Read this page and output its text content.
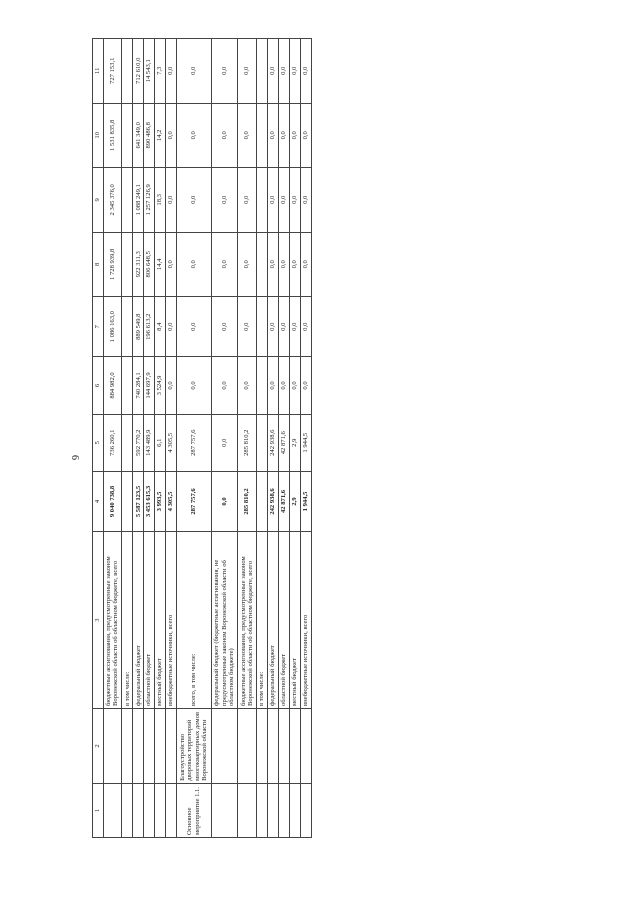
6
1	2	3	4	5	6	7	8	9	10	11
		бюджетные ассигнования, предусмотренные законом Воронежской области об областном бюджете, всего	9 040 738,8	736 260,1	884 982,0	1 086 163,0	1 728 939,8	2 345 376,0	1 531 835,8	727 153,1
		в том числе:								
		федеральный бюджет	5 587 123,5	592 770,2	740 284,1	889 549,8	922 311,3	1 088 249,1	641 349,0	712 610,0
		областной бюджет	3 453 615,3	143 489,9	144 697,9	196 613,2	806 648,5	1 257 126,9	890 486,8	14 543,1
		местный бюджет	3 993,5	6,1	3 524,9	8,4	14,4	18,3	14,2	7,3
		внебюджетные источники, всего	4 305,5	4 305,5	0,0	0,0	0,0	0,0	0,0	0,0
Основное мероприятие 1.1.	Благоустройство дворовых территорий многоквартирных домов Воронежской области	всего, в том числе:	287 757,6	287 757,6	0,0	0,0	0,0	0,0	0,0	0,0
		федеральный бюджет (бюджетные ассигнования, не предусмотренные законом Воронежской области об областном бюджете)	0,0	0,0	0,0	0,0	0,0	0,0	0,0	0,0
		бюджетные ассигнования, предусмотренные законом Воронежской области об областном бюджете, всего	285 810,2	285 810,2	0,0	0,0	0,0	0,0	0,0	0,0
		в том числе:								
		федеральный бюджет	242 938,6	242 938,6	0,0	0,0	0,0	0,0	0,0	0,0
		областной бюджет	42 871,6	42 871,6	0,0	0,0	0,0	0,0	0,0	0,0
		местный бюджет	2,9	2,9	0,0	0,0	0,0	0,0	0,0	0,0
		внебюджетные источники, всего	1 944,5	1 944,5	0,0	0,0	0,0	0,0	0,0	0,0
